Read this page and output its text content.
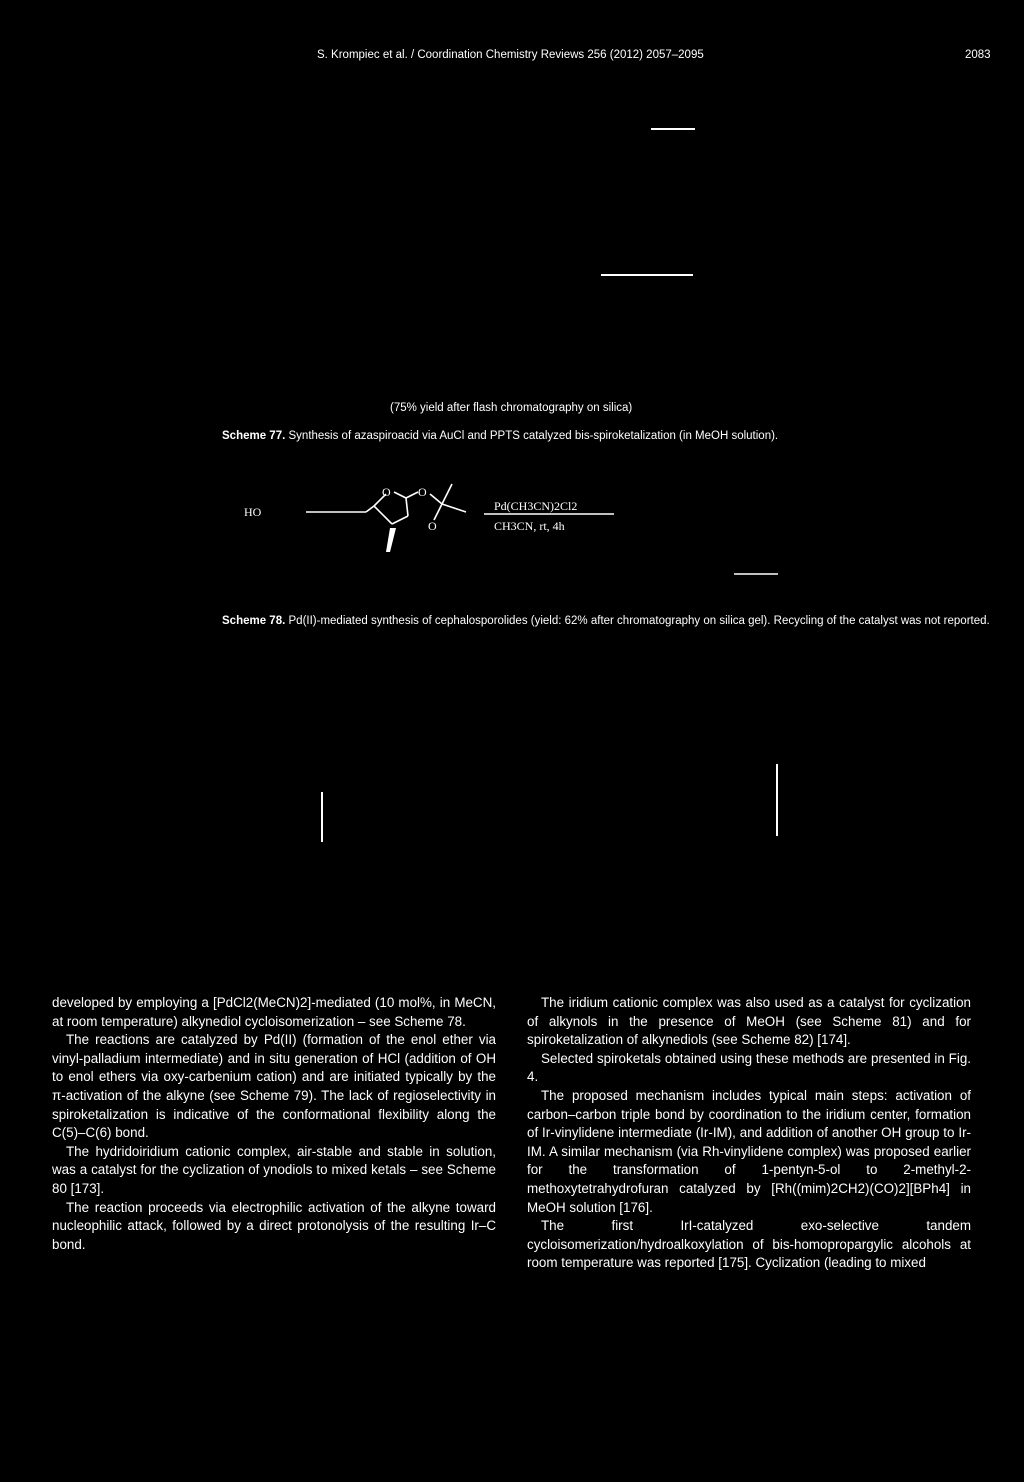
S. Krompiec et al. / Coordination Chemistry Reviews 256 (2012) 2057–2095	2083
(75% yield after flash chromatography on silica)
Scheme 77. Synthesis of azaspiroacid via AuCl and PPTS catalyzed bis-spiroketalization (in MeOH solution).
HO
O O
O
Pd(CH3CN)2Cl2
CH3CN, rt, 4h
Scheme 78. Pd(II)-mediated synthesis of cephalosporolides (yield: 62% after chromatography on silica gel). Recycling of the catalyst was not reported.

developed by employing a [PdCl2(MeCN)2]-mediated (10 mol%, in MeCN, at room temperature) alkynediol cycloisomerization – see Scheme 78.

The reactions are catalyzed by Pd(II) (formation of the enol ether via vinyl-palladium intermediate) and in situ generation of HCl (addition of OH to enol ethers via oxy-carbenium cation) and are initiated typically by the π-activation of the alkyne (see Scheme 79). The lack of regioselectivity in spiroketalization is indicative of the conformational flexibility along the C(5)–C(6) bond.

The hydridoiridium cationic complex, air-stable and stable in solution, was a catalyst for the cyclization of ynodiols to mixed ketals – see Scheme 80 [173].

The reaction proceeds via electrophilic activation of the alkyne toward nucleophilic attack, followed by a direct protonolysis of the resulting Ir–C bond.

The iridium cationic complex was also used as a catalyst for cyclization of alkynols in the presence of MeOH (see Scheme 81) and for spiroketalization of alkynediols (see Scheme 82) [174].

Selected spiroketals obtained using these methods are presented in Fig. 4.

The proposed mechanism includes typical main steps: activation of carbon–carbon triple bond by coordination to the iridium center, formation of Ir-vinylidene intermediate (Ir-IM), and addition of another OH group to Ir-IM. A similar mechanism (via Rh-vinylidene complex) was proposed earlier for the transformation of 1-pentyn-5-ol to 2-methyl-2-methoxytetrahydrofuran catalyzed by [Rh((mim)2CH2)(CO)2][BPh4] in MeOH solution [176].

The first IrI-catalyzed exo-selective tandem cycloisomerization/hydroalkoxylation of bis-homopropargylic alcohols at room temperature was reported [175]. Cyclization (leading to mixed
